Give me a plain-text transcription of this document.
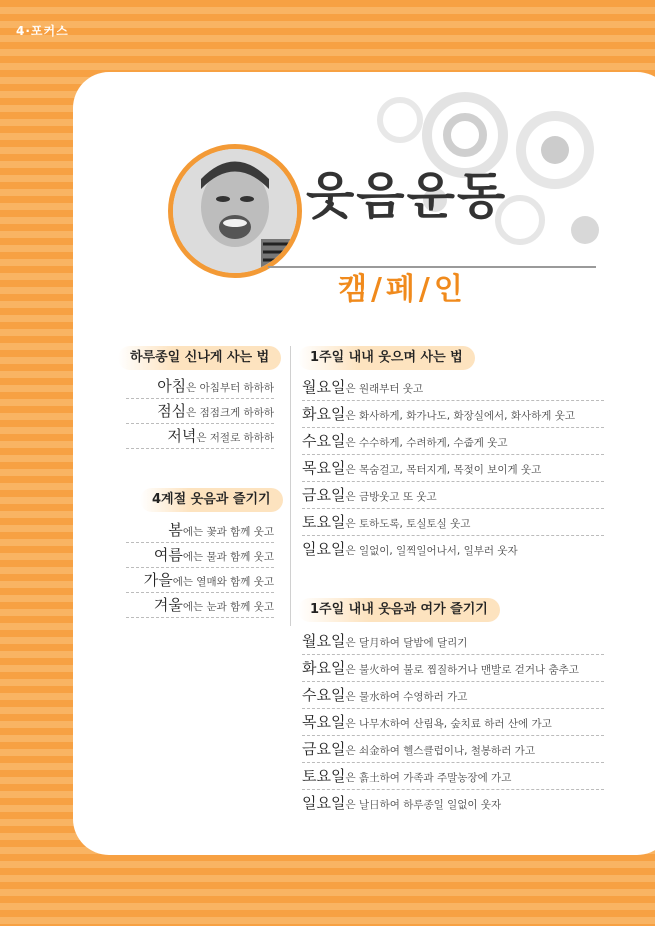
4·포커스
웃음운동
캠/페/인
하루종일 신나게 사는 법
아침은 아침부터 하하하
점심은 점점크게 하하하
저녁은 저절로 하하하
4계절 웃음과 즐기기
봄에는 꽃과 함께 웃고
여름에는 물과 함께 웃고
가을에는 열매와 함께 웃고
겨울에는 눈과 함께 웃고
1주일 내내 웃으며 사는 법
월요일은 원래부터 웃고
화요일은 화사하게, 화가나도, 화장실에서, 화사하게 웃고
수요일은 수수하게, 수려하게, 수줍게 웃고
목요일은 목숨걸고, 목터지게, 목젖이 보이게 웃고
금요일은 금방웃고 또 웃고
토요일은 토하도록, 토실토실 웃고
일요일은 일없이, 일찍일어나서, 일부러 웃자
1주일 내내 웃음과 여가 즐기기
월요일은 달月하여 달밤에 달리기
화요일은 불火하여 불로 찜질하거나 맨발로 걷거나 춤추고
수요일은 물水하여 수영하러 가고
목요일은 나무木하여 산림욕, 숲치료 하러 산에 가고
금요일은 쇠金하여 헬스클럽이나, 철봉하러 가고
토요일은 흙土하여 가족과 주말농장에 가고
일요일은 날日하여 하루종일 일없이 웃자
